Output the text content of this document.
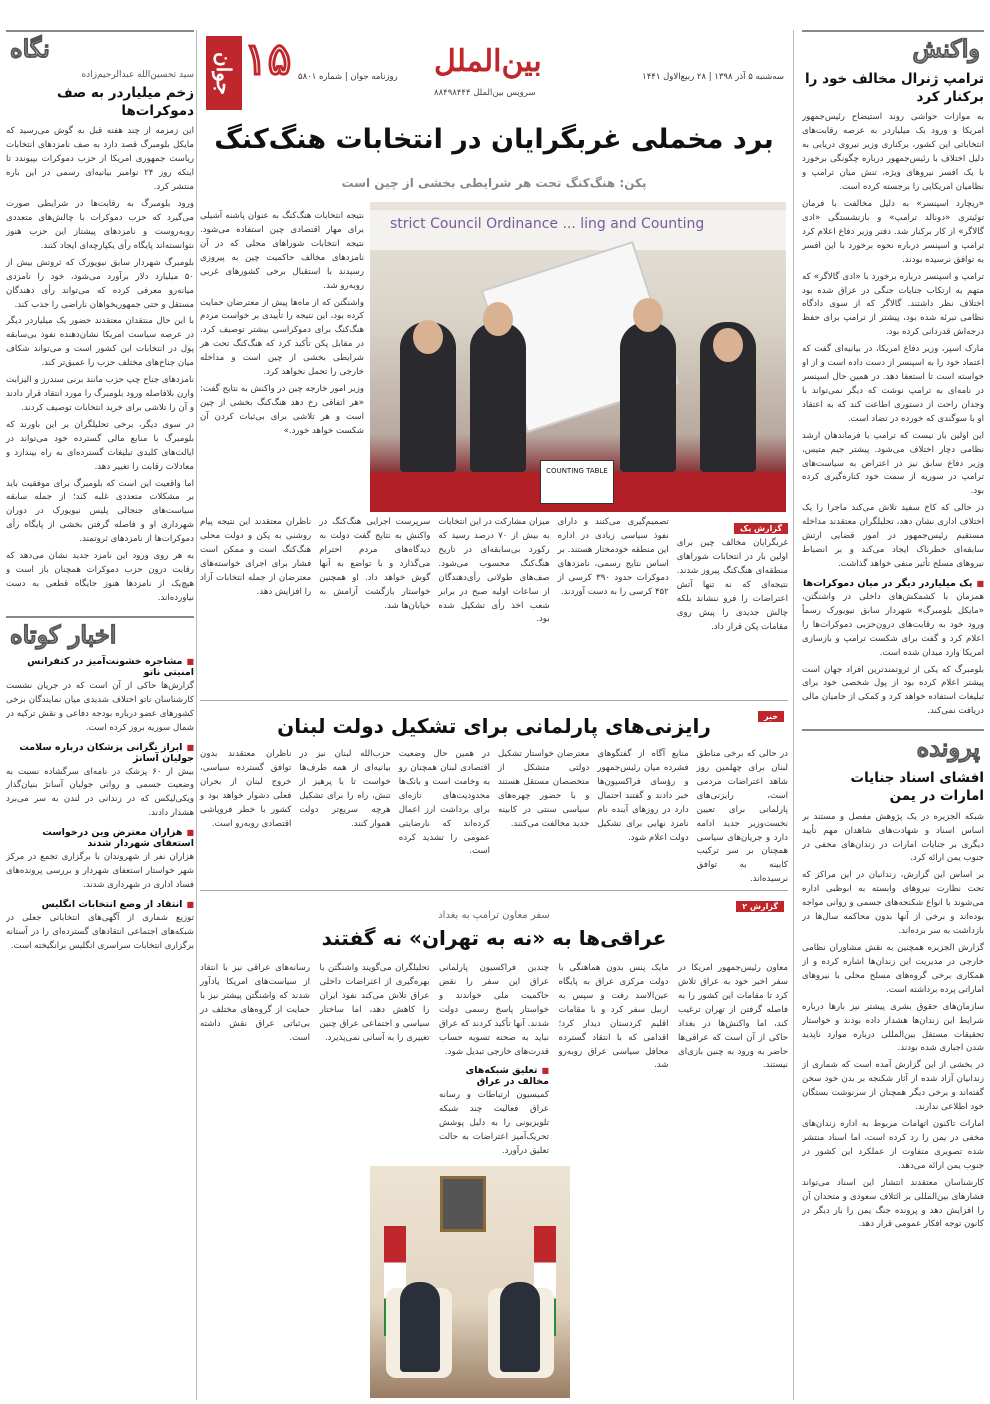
واکنش
ترامپ ژنرال مخالف خود را برکنار کرد

به موازات حواشی روند استیضاح رئیس‌جمهور امریکا و ورود یک میلیاردر به عرصه رقابت‌های انتخاباتی این کشور، برکناری وزیر نیروی دریایی به دلیل اختلاف با رئیس‌جمهور درباره چگونگی برخورد با یک افسر نیروهای ویژه، تنش میان ترامپ و نظامیان امریکایی را برجسته کرده است.

«ریچارد اسپنسر» به دلیل مخالفت با فرمان توئیتری «دونالد ترامپ» و بازنشستگی «ادی گالاگر» از کار برکنار شد. دفتر وزیر دفاع اعلام کرد ترامپ و اسپنسر درباره نحوه برخورد با این افسر به توافق نرسیده بودند.

ترامپ و اسپنسر درباره برخورد با «ادی گالاگر» که متهم به ارتکاب جنایات جنگی در عراق شده بود اختلاف نظر داشتند. گالاگر که از سوی دادگاه نظامی تبرئه شده بود، پیشتر از ترامپ برای حفظ درجه‌اش قدردانی کرده بود.

مارک اسپر، وزیر دفاع امریکا، در بیانیه‌ای گفت که اعتماد خود را به اسپنسر از دست داده است و از او خواسته است تا استعفا دهد. در همین حال اسپنسر در نامه‌ای به ترامپ نوشت که دیگر نمی‌تواند با وجدان راحت از دستوری اطاعت کند که به اعتقاد او با سوگندی که خورده در تضاد است.

این اولین بار نیست که ترامپ با فرماندهان ارشد نظامی دچار اختلاف می‌شود. پیشتر جیم متیس، وزیر دفاع سابق نیز در اعتراض به سیاست‌های ترامپ در سوریه از سمت خود کناره‌گیری کرده بود.

در حالی که کاخ سفید تلاش می‌کند ماجرا را یک اختلاف اداری نشان دهد، تحلیلگران معتقدند مداخله مستقیم رئیس‌جمهور در امور قضایی ارتش سابقه‌ای خطرناک ایجاد می‌کند و بر انضباط نیروهای مسلح تأثیر منفی خواهد گذاشت.

■ یک میلیاردر دیگر در میان دموکرات‌ها

همزمان با کشمکش‌های داخلی در واشنگتن، «مایکل بلومبرگ» شهردار سابق نیویورک رسماً ورود خود به رقابت‌های درون‌حزبی دموکرات‌ها را اعلام کرد و گفت برای شکست ترامپ و بازسازی امریکا وارد میدان شده است.

بلومبرگ که یکی از ثروتمندترین افراد جهان است پیشتر اعلام کرده بود از پول شخصی خود برای تبلیغات استفاده خواهد کرد و کمکی از حامیان مالی دریافت نمی‌کند.

پرونده
افشای اسناد جنایات امارات در یمن

شبکه الجزیره در یک پژوهش مفصل و مستند بر اساس اسناد و شهادت‌های شاهدان مهم تأیید دیگری بر جنایات امارات در زندان‌های مخفی در جنوب یمن ارائه کرد.

بر اساس این گزارش، زندانیان در این مراکز که تحت نظارت نیروهای وابسته به ابوظبی اداره می‌شوند با انواع شکنجه‌های جسمی و روانی مواجه بوده‌اند و برخی از آنها بدون محاکمه سال‌ها در بازداشت به سر برده‌اند.

گزارش الجزیره همچنین به نقش مشاوران نظامی خارجی در مدیریت این زندان‌ها اشاره کرده و از همکاری برخی گروه‌های مسلح محلی با نیروهای اماراتی پرده برداشته است.

سازمان‌های حقوق بشری پیشتر نیز بارها درباره شرایط این زندان‌ها هشدار داده بودند و خواستار تحقیقات مستقل بین‌المللی درباره موارد ناپدید شدن اجباری شده بودند.

در بخشی از این گزارش آمده است که شماری از زندانیان آزاد شده از آثار شکنجه بر بدن خود سخن گفته‌اند و برخی دیگر همچنان از سرنوشت بستگان خود اطلاعی ندارند.

امارات تاکنون اتهامات مربوط به اداره زندان‌های مخفی در یمن را رد کرده است، اما اسناد منتشر شده تصویری متفاوت از عملکرد این کشور در جنوب یمن ارائه می‌دهد.

کارشناسان معتقدند انتشار این اسناد می‌تواند فشارهای بین‌المللی بر ائتلاف سعودی و متحدان آن را افزایش دهد و پرونده جنگ یمن را بار دیگر در کانون توجه افکار عمومی قرار دهد.

نگاه
سید تحسین‌الله عبدالرحیم‌زاده
زخم میلیاردر به صف دموکرات‌ها

این زمزمه از چند هفته قبل به گوش می‌رسید که مایکل بلومبرگ قصد دارد به صف نامزدهای انتخابات ریاست جمهوری امریکا از حزب دموکرات بپیوندد تا اینکه روز ۲۴ نوامبر بیانیه‌ای رسمی در این باره منتشر کرد.

ورود بلومبرگ به رقابت‌ها در شرایطی صورت می‌گیرد که حزب دموکرات با چالش‌های متعددی روبه‌روست و نامزدهای پیشتاز این حزب هنوز نتوانسته‌اند پایگاه رأی یکپارچه‌ای ایجاد کنند.

بلومبرگ شهردار سابق نیویورک که ثروتش بیش از ۵۰ میلیارد دلار برآورد می‌شود، خود را نامزدی میانه‌رو معرفی کرده که می‌تواند رأی دهندگان مستقل و حتی جمهوریخواهان ناراضی را جذب کند.

با این حال منتقدان معتقدند حضور یک میلیاردر دیگر در عرصه سیاست امریکا نشان‌دهنده نفوذ بی‌سابقه پول در انتخابات این کشور است و می‌تواند شکاف میان جناح‌های مختلف حزب را عمیق‌تر کند.

نامزدهای جناح چپ حزب مانند برنی سندرز و الیزابت وارن بلافاصله ورود بلومبرگ را مورد انتقاد قرار دادند و آن را تلاشی برای خرید انتخابات توصیف کردند.

در سوی دیگر، برخی تحلیلگران بر این باورند که بلومبرگ با منابع مالی گسترده خود می‌تواند در ایالت‌های کلیدی تبلیغات گسترده‌ای به راه بیندازد و معادلات رقابت را تغییر دهد.

اما واقعیت این است که بلومبرگ برای موفقیت باید بر مشکلات متعددی غلبه کند؛ از جمله سابقه سیاست‌های جنجالی پلیس نیویورک در دوران شهرداری او و فاصله گرفتن بخشی از پایگاه رأی دموکرات‌ها از نامزدهای ثروتمند.

به هر روی ورود این نامزد جدید نشان می‌دهد که رقابت درون حزب دموکرات همچنان باز است و هیچ‌یک از نامزدها هنوز جایگاه قطعی به دست نیاورده‌اند.

اخبار کوتاه
■ مشاجره خشونت‌آمیز در کنفرانس امنیتی ناتو
گزارش‌ها حاکی از آن است که در جریان نشست کارشناسان ناتو اختلاف شدیدی میان نمایندگان برخی کشورهای عضو درباره بودجه دفاعی و نقش ترکیه در شمال سوریه بروز کرده است.
■ ابراز نگرانی پزشکان درباره سلامت جولیان آسانژ
بیش از ۶۰ پزشک در نامه‌ای سرگشاده نسبت به وضعیت جسمی و روانی جولیان آسانژ بنیان‌گذار ویکی‌لیکس که در زندانی در لندن به سر می‌برد هشدار دادند.
■ هزاران معترض وین درخواست استعفای شهردار شدند
هزاران نفر از شهروندان با برگزاری تجمع در مرکز شهر خواستار استعفای شهردار و بررسی پرونده‌های فساد اداری در شهرداری شدند.
■ انتقاد از وضع انتخابات انگلیس
توزیع شماری از آگهی‌های انتخاباتی جعلی در شبکه‌های اجتماعی انتقادهای گسترده‌ای را در آستانه برگزاری انتخابات سراسری انگلیس برانگیخته است.
جوان ۱۵ روزنامه جوان | شماره ۵۸۰۱ بین‌الملل
سرویس بین‌الملل ۸۸۴۹۸۴۴۴
سه‌شنبه ۵ آذر ۱۳۹۸ | ۲۸ ربیع‌الاول ۱۴۴۱
برد مخملی غربگرایان در انتخابات هنگ‌کنگ
پکن: هنگ‌کنگ تحت هر شرایطی بخشی از چین است
strict Council Ordinance ... ling and Counting
COUNTING TABLE

نتیجه انتخابات هنگ‌کنگ به عنوان پاشنه آشیلی برای مهار اقتصادی چین استفاده می‌شود. نتیجه انتخابات شوراهای محلی که در آن نامزدهای مخالف حاکمیت چین به پیروزی رسیدند با استقبال برخی کشورهای غربی روبه‌رو شد.

واشنگتن که از ماه‌ها پیش از معترضان حمایت کرده بود، این نتیجه را تأییدی بر خواست مردم هنگ‌کنگ برای دموکراسی بیشتر توصیف کرد. در مقابل پکن تأکید کرد که هنگ‌کنگ تحت هر شرایطی بخشی از چین است و مداخله خارجی را تحمل نخواهد کرد.

وزیر امور خارجه چین در واکنش به نتایج گفت: «هر اتفاقی رخ دهد هنگ‌کنگ بخشی از چین است و هر تلاشی برای بی‌ثبات کردن آن شکست خواهد خورد.»

گزارش یک
غربگرایان مخالف چین برای اولین بار در انتخابات شوراهای منطقه‌ای هنگ‌کنگ پیروز شدند. نتیجه‌ای که نه تنها آتش اعتراضات را فرو ننشاند بلکه چالش جدیدی را پیش روی مقامات پکن قرار داد.
تصمیم‌گیری می‌کنند و دارای نفوذ سیاسی زیادی در اداره این منطقه خودمختار هستند. بر اساس نتایج رسمی، نامزدهای دموکرات حدود ۳۹۰ کرسی از ۴۵۲ کرسی را به دست آوردند.
میزان مشارکت در این انتخابات به بیش از ۷۰ درصد رسید که رکورد بی‌سابقه‌ای در تاریخ هنگ‌کنگ محسوب می‌شود. صف‌های طولانی رأی‌دهندگان از ساعات اولیه صبح در برابر شعب اخذ رأی تشکیل شده بود.
سرپرست اجرایی هنگ‌کنگ در واکنش به نتایج گفت دولت به دیدگاه‌های مردم احترام می‌گذارد و با تواضع به آنها گوش خواهد داد. او همچنین خواستار بازگشت آرامش به خیابان‌ها شد.
ناظران معتقدند این نتیجه پیام روشنی به پکن و دولت محلی هنگ‌کنگ است و ممکن است فشار برای اجرای خواسته‌های معترضان از جمله انتخابات آزاد را افزایش دهد.
خبر
رایزنی‌های پارلمانی برای تشکیل دولت لبنان
در حالی که برخی مناطق لبنان برای چهلمین روز شاهد اعتراضات مردمی است، رایزنی‌های پارلمانی برای تعیین نخست‌وزیر جدید ادامه دارد و جریان‌های سیاسی همچنان بر سر ترکیب کابینه به توافق نرسیده‌اند.
منابع آگاه از گفتگوهای فشرده میان رئیس‌جمهور و رؤسای فراکسیون‌ها خبر دادند و گفتند احتمال دارد در روزهای آینده نام نامزد نهایی برای تشکیل دولت اعلام شود.
معترضان خواستار تشکیل دولتی متشکل از متخصصان مستقل هستند و با حضور چهره‌های سیاسی سنتی در کابینه جدید مخالفت می‌کنند.
در همین حال وضعیت اقتصادی لبنان همچنان رو به وخامت است و بانک‌ها محدودیت‌های تازه‌ای برای برداشت ارز اعمال کرده‌اند که نارضایتی عمومی را تشدید کرده است.
حزب‌الله لبنان نیز در بیانیه‌ای از همه طرف‌ها خواست تا با پرهیز از تنش، راه را برای تشکیل هرچه سریع‌تر دولت هموار کنند.
ناظران معتقدند بدون توافق گسترده سیاسی، خروج لبنان از بحران فعلی دشوار خواهد بود و کشور با خطر فروپاشی اقتصادی روبه‌رو است.
گزارش ۲
سفر معاون ترامپ به بغداد
عراقی‌ها به «نه به تهران» نه گفتند
معاون رئیس‌جمهور امریکا در سفر اخیر خود به عراق تلاش کرد تا مقامات این کشور را به فاصله گرفتن از تهران ترغیب کند، اما واکنش‌ها در بغداد حاکی از آن است که عراقی‌ها حاضر به ورود به چنین بازی‌ای نیستند.
مایک پنس بدون هماهنگی با دولت مرکزی عراق به پایگاه عین‌الاسد رفت و سپس به اربیل سفر کرد و با مقامات اقلیم کردستان دیدار کرد؛ اقدامی که با انتقاد گسترده محافل سیاسی عراق روبه‌رو شد.
چندین فراکسیون پارلمانی عراق این سفر را نقض حاکمیت ملی خواندند و خواستار پاسخ رسمی دولت شدند. آنها تأکید کردند که عراق نباید به صحنه تسویه حساب قدرت‌های خارجی تبدیل شود.
■ تعلیق شبکه‌های مخالف در عراق
کمیسیون ارتباطات و رسانه عراق فعالیت چند شبکه تلویزیونی را به دلیل پوشش تحریک‌آمیز اعتراضات به حالت تعلیق درآورد.
تحلیلگران می‌گویند واشنگتن با بهره‌گیری از اعتراضات داخلی عراق تلاش می‌کند نفوذ ایران را کاهش دهد، اما ساختار سیاسی و اجتماعی عراق چنین تغییری را به آسانی نمی‌پذیرد.
رسانه‌های عراقی نیز با انتقاد از سیاست‌های امریکا یادآور شدند که واشنگتن پیشتر نیز با حمایت از گروه‌های مختلف در بی‌ثباتی عراق نقش داشته است.
